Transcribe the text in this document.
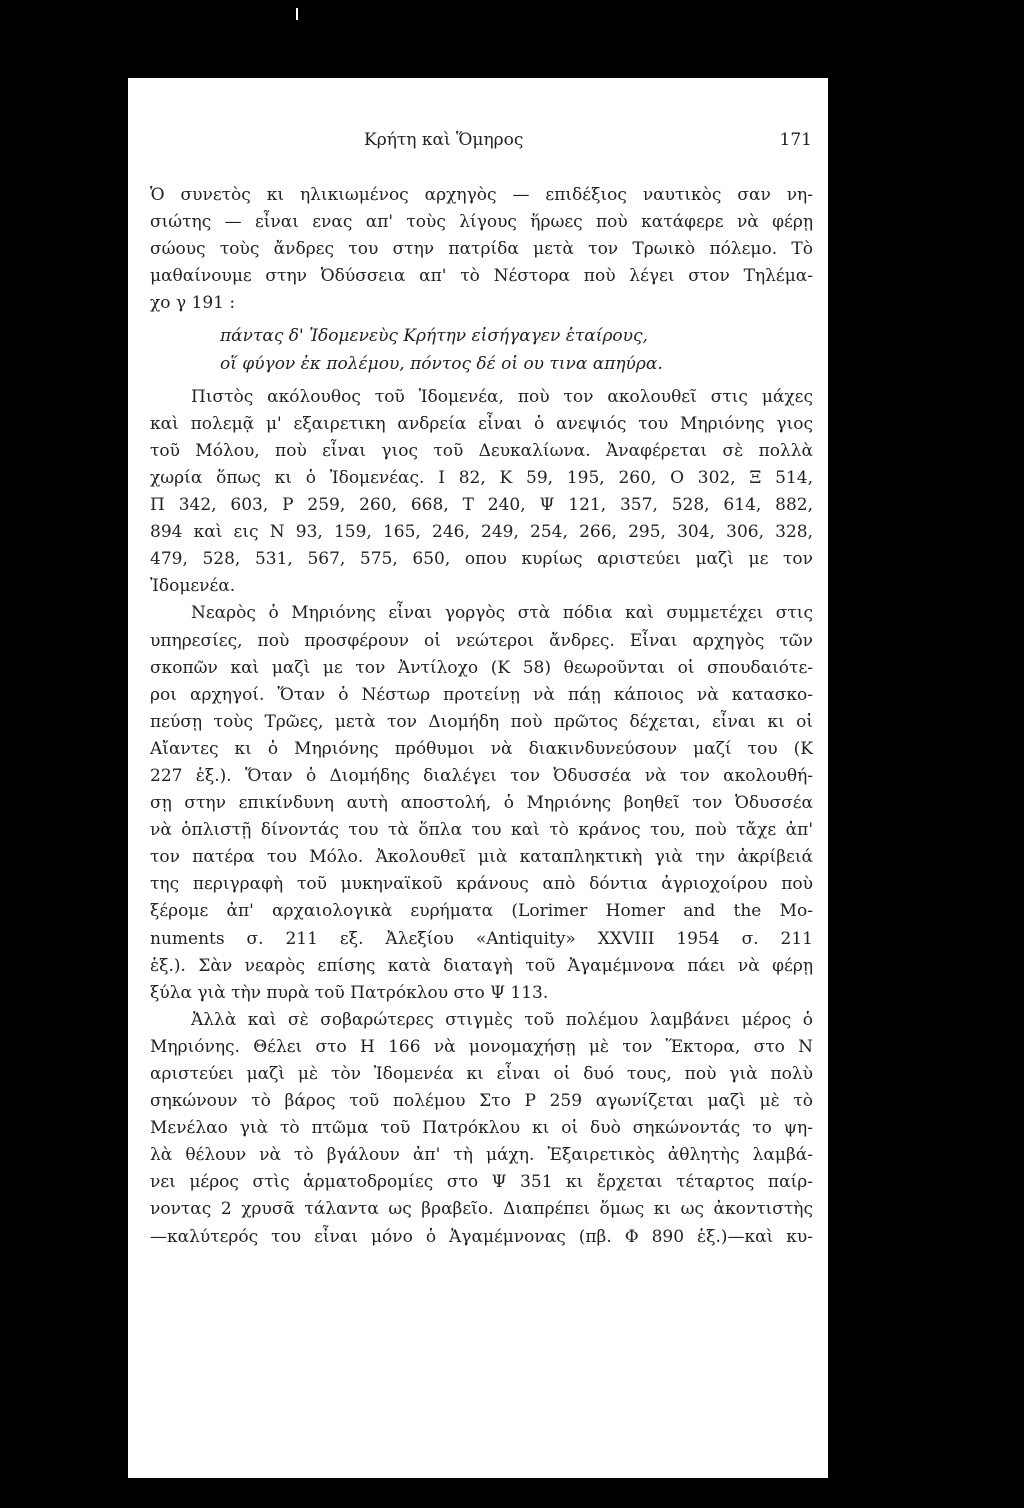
Κρήτη καὶ Ὅμηρος	171
Ὁ συνετὸς κι ηλικιωμένος αρχηγὸς — επιδέξιος ναυτικὸς σαν νη-
σιώτης — εἶναι ενας απ' τοὺς λίγους ἥρωες ποὺ κατάφερε νὰ φέρῃ
σώους τοὺς ἄνδρες του στην πατρίδα μετὰ τον Τρωικὸ πόλεμο. Τὸ
μαθαίνουμε στην Ὀδύσσεια απ' τὸ Νέστορα ποὺ λέγει στον Τηλέμα-
χο γ 191 :
πάντας δ' Ἰδομενεὺς Κρήτην εἰσήγαγεν ἑταίρους,
οἵ φύγον ἐκ πολέμου, πόντος δέ οἱ ου τινα απηύρα.
Πιστὸς ακόλουθος τοῦ Ἰδομενέα, ποὺ τον ακολουθεῖ στις μάχες
καὶ πολεμᾷ μ' εξαιρετικη ανδρεία εἶναι ὁ ανεψιός του Μηριόνης γιος
τοῦ Μόλου, ποὺ εἶναι γιος τοῦ Δευκαλίωνα. Ἀναφέρεται σὲ πολλὰ
χωρία ὅπως κι ὁ Ἰδομενέας. Ι 82, Κ 59, 195, 260, Ο 302, Ξ 514,
Π 342, 603, Ρ 259, 260, 668, Τ 240, Ψ 121, 357, 528, 614, 882,
894 καὶ εις Ν 93, 159, 165, 246, 249, 254, 266, 295, 304, 306, 328,
479, 528, 531, 567, 575, 650, οπου κυρίως αριστεύει μαζὶ με τον
Ἰδομενέα.
Νεαρὸς ὁ Μηριόνης εἶναι γοργὸς στὰ πόδια καὶ συμμετέχει στις
υπηρεσίες, ποὺ προσφέρουν οἱ νεώτεροι ἄνδρες. Εἶναι αρχηγὸς τῶν
σκοπῶν καὶ μαζὶ με τον Ἀντίλοχο (Κ 58) θεωροῦνται οἱ σπουδαιότε-
ροι αρχηγοί. Ὅταν ὁ Νέστωρ προτείνῃ νὰ πάῃ κάποιος νὰ κατασκο-
πεύσῃ τοὺς Τρῶες, μετὰ τον Διομήδη ποὺ πρῶτος δέχεται, εἶναι κι οἱ
Αἴαντες κι ὁ Μηριόνης πρόθυμοι νὰ διακινδυνεύσουν μαζί του (Κ
227 ἑξ.). Ὅταν ὁ Διομήδης διαλέγει τον Ὀδυσσέα νὰ τον ακολουθή-
σῃ στην επικίνδυνη αυτὴ αποστολή, ὁ Μηριόνης βοηθεῖ τον Ὀδυσσέα
νὰ ὁπλιστῇ δίνοντάς του τὰ ὅπλα του καὶ τὸ κράνος του, ποὺ τἄχε ἀπ'
τον πατέρα του Μόλο. Ἀκολουθεῖ μιὰ καταπληκτικὴ γιὰ την ἀκρίβειά
της περιγραφὴ τοῦ μυκηναϊκοῦ κράνους απὸ δόντια ἀγριοχοίρου ποὺ
ξέρομε ἀπ' αρχαιολογικὰ ευρήματα (Lorimer Homer and the Mo-
numents σ. 211 εξ. Ἀλεξίου «Antiquity» XXVIII 1954 σ. 211
ἑξ.). Σὰν νεαρὸς επίσης κατὰ διαταγὴ τοῦ Ἀγαμέμνονα πάει νὰ φέρῃ
ξύλα γιὰ τὴν πυρὰ τοῦ Πατρόκλου στο Ψ 113.
Ἀλλὰ καὶ σὲ σοβαρώτερες στιγμὲς τοῦ πολέμου λαμβάνει μέρος ὁ
Μηριόνης. Θέλει στο Η 166 νὰ μονομαχήσῃ μὲ τον Ἕκτορα, στο Ν
αριστεύει μαζὶ μὲ τὸν Ἰδομενέα κι εἶναι οἱ δυό τους, ποὺ γιὰ πολὺ
σηκώνουν τὸ βάρος τοῦ πολέμου Στο Ρ 259 αγωνίζεται μαζὶ μὲ τὸ
Μενέλαο γιὰ τὸ πτῶμα τοῦ Πατρόκλου κι οἱ δυὸ σηκώνοντάς το ψη-
λὰ θέλουν νὰ τὸ βγάλουν ἀπ' τὴ μάχη. Ἐξαιρετικὸς ἀθλητὴς λαμβά-
νει μέρος στὶς ἁρματοδρομίες στο Ψ 351 κι ἔρχεται τέταρτος παίρ-
νοντας 2 χρυσᾶ τάλαντα ως βραβεῖο. Διαπρέπει ὅμως κι ως ἀκοντιστὴς
—καλύτερός του εἶναι μόνο ὁ Ἀγαμέμνονας (πβ. Φ 890 ἑξ.)—καὶ κυ-
